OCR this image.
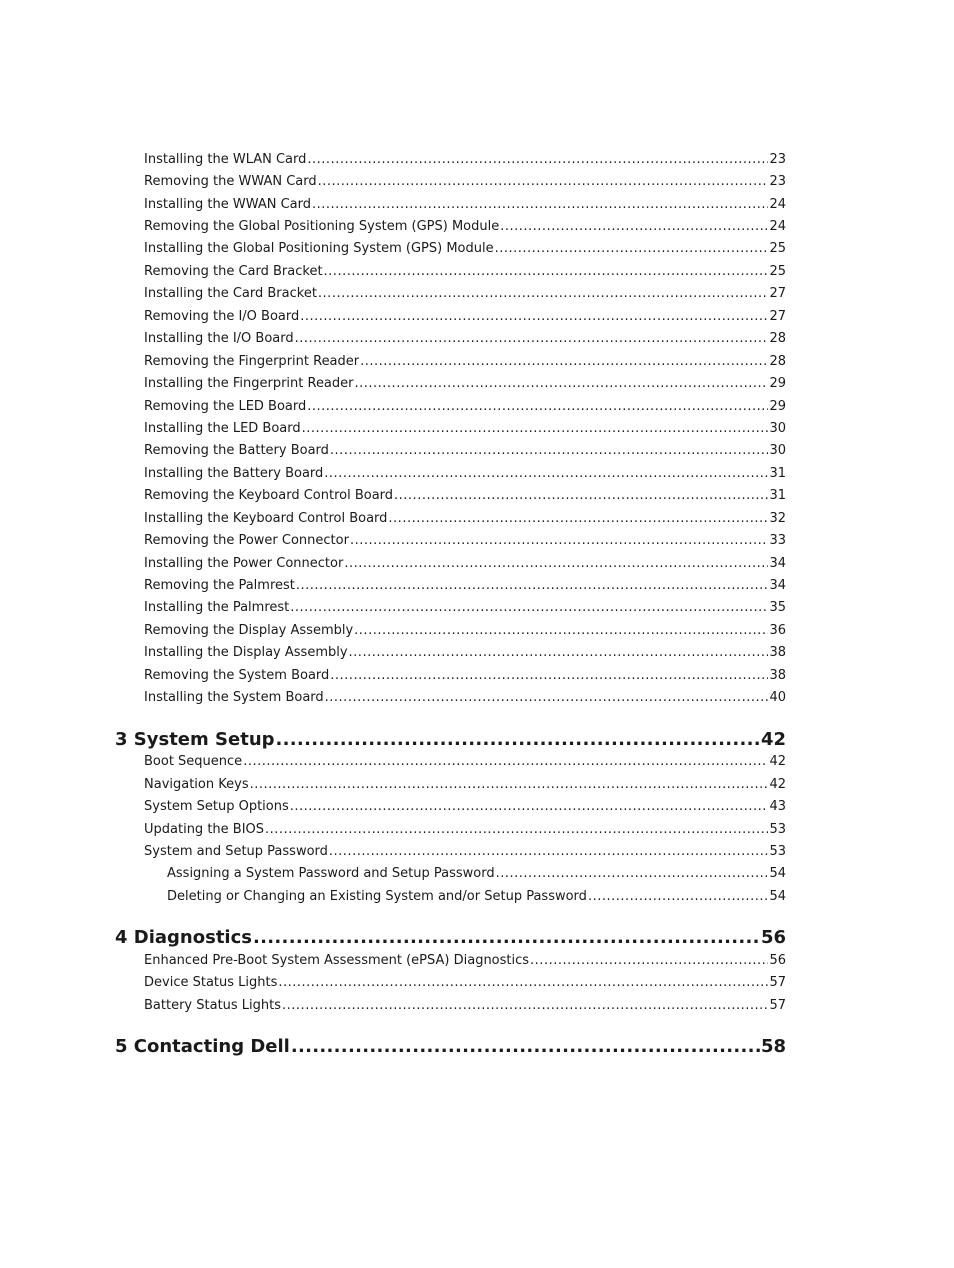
Installing the WLAN Card .....	23
Removing the WWAN Card .....	23
Installing the WWAN Card .....	24
Removing the Global Positioning System (GPS) Module .....	24
Installing the Global Positioning System (GPS) Module .....	25
Removing the Card Bracket .....	25
Installing the Card Bracket .....	27
Removing the I/O Board .....	27
Installing the I/O Board .....	28
Removing the Fingerprint Reader .....	28
Installing the Fingerprint Reader .....	29
Removing the LED Board .....	29
Installing the LED Board .....	30
Removing the Battery Board .....	30
Installing the Battery Board .....	31
Removing the Keyboard Control Board .....	31
Installing the Keyboard Control Board .....	32
Removing the Power Connector .....	33
Installing the Power Connector .....	34
Removing the Palmrest .....	34
Installing the Palmrest .....	35
Removing the Display Assembly .....	36
Installing the Display Assembly .....	38
Removing the System Board .....	38
Installing the System Board .....	40
3 System Setup .....	42
Boot Sequence .....	42
Navigation Keys .....	42
System Setup Options .....	43
Updating the BIOS .....	53
System and Setup Password .....	53
Assigning a System Password and Setup Password .....	54
Deleting or Changing an Existing System and/or Setup Password .....	54
4 Diagnostics .....	56
Enhanced Pre-Boot System Assessment (ePSA) Diagnostics .....	56
Device Status Lights .....	57
Battery Status Lights .....	57
5 Contacting Dell .....	58
